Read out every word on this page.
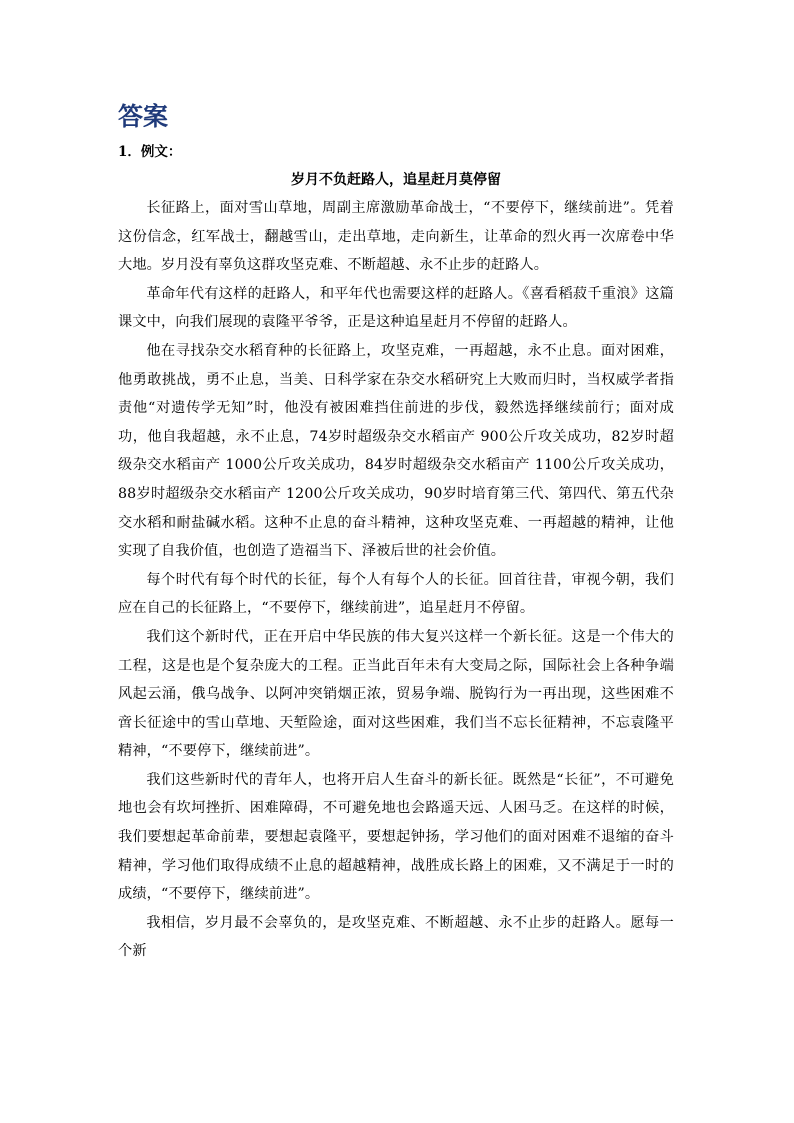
答案

1．例文：

岁月不负赶路人，追星赶月莫停留

长征路上，面对雪山草地，周副主席激励革命战士，“不要停下，继续前进”。凭着这份信念，红军战士，翻越雪山，走出草地，走向新生，让革命的烈火再一次席卷中华大地。岁月没有辜负这群攻坚克难、不断超越、永不止步的赶路人。

革命年代有这样的赶路人，和平年代也需要这样的赶路人。《喜看稻菽千重浪》这篇课文中，向我们展现的袁隆平爷爷，正是这种追星赶月不停留的赶路人。

他在寻找杂交水稻育种的长征路上，攻坚克难，一再超越，永不止息。面对困难，他勇敢挑战，勇不止息，当美、日科学家在杂交水稻研究上大败而归时，当权威学者指责他“对遗传学无知”时，他没有被困难挡住前进的步伐，毅然选择继续前行；面对成功，他自我超越，永不止息，74岁时超级杂交水稻亩产 900公斤攻关成功，82岁时超级杂交水稻亩产 1000公斤攻关成功，84岁时超级杂交水稻亩产 1100公斤攻关成功，88岁时超级杂交水稻亩产 1200公斤攻关成功，90岁时培育第三代、第四代、第五代杂交水稻和耐盐碱水稻。这种不止息的奋斗精神，这种攻坚克难、一再超越的精神，让他实现了自我价值，也创造了造福当下、泽被后世的社会价值。

每个时代有每个时代的长征，每个人有每个人的长征。回首往昔，审视今朝，我们应在自己的长征路上，“不要停下，继续前进”，追星赶月不停留。

我们这个新时代，正在开启中华民族的伟大复兴这样一个新长征。这是一个伟大的工程，这是也是个复杂庞大的工程。正当此百年未有大变局之际，国际社会上各种争端风起云涌，俄乌战争、以阿冲突销烟正浓，贸易争端、脱钩行为一再出现，这些困难不啻长征途中的雪山草地、天堑险途，面对这些困难，我们当不忘长征精神，不忘袁隆平精神，“不要停下，继续前进”。

我们这些新时代的青年人，也将开启人生奋斗的新长征。既然是“长征”，不可避免地也会有坎坷挫折、困难障碍，不可避免地也会路遥天远、人困马乏。在这样的时候，我们要想起革命前辈，要想起袁隆平，要想起钟扬，学习他们的面对困难不退缩的奋斗精神，学习他们取得成绩不止息的超越精神，战胜成长路上的困难，又不满足于一时的成绩，“不要停下，继续前进”。

我相信，岁月最不会辜负的，是攻坚克难、不断超越、永不止步的赶路人。愿每一个新
